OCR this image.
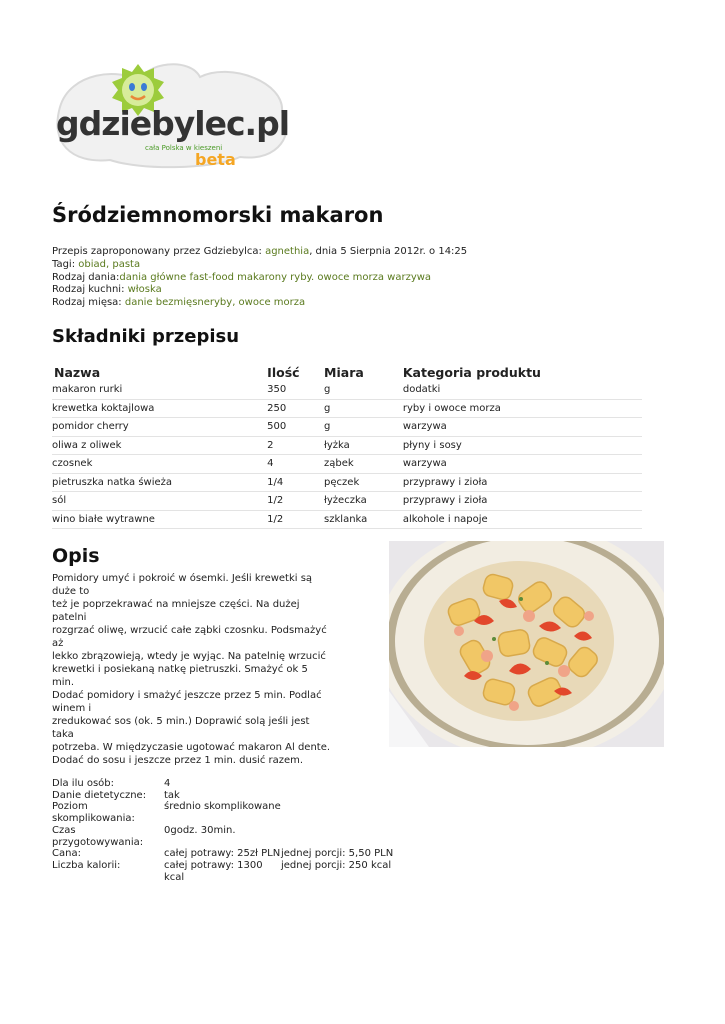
gdziebylec.pl
cała Polska w kieszeni
beta
Śródziemnomorski makaron
Przepis zaproponowany przez Gdziebylca: agnethia, dnia 5 Sierpnia 2012r. o 14:25
Tagi: obiad, pasta
Rodzaj dania:dania główne fast-food makarony ryby. owoce morza warzywa
Rodzaj kuchni: włoska
Rodzaj mięsa: danie bezmięsneryby, owoce morza
Składniki przepisu
Nazwa	Ilość	Miara	Kategoria produktu
makaron rurki	350	g	dodatki
krewetka koktajlowa	250	g	ryby i owoce morza
pomidor cherry	500	g	warzywa
oliwa z oliwek	2	łyżka	płyny i sosy
czosnek	4	ząbek	warzywa
pietruszka natka świeża	1/4	pęczek	przyprawy i zioła
sól	1/2	łyżeczka	przyprawy i zioła
wino białe wytrawne	1/2	szklanka	alkohole i napoje
Opis
Pomidory umyć i pokroić w ósemki. Jeśli krewetki są duże to
też je poprzekrawać na mniejsze części. Na dużej patelni
rozgrzać oliwę, wrzucić całe ząbki czosnku. Podsmażyć aż
lekko zbrązowieją, wtedy je wyjąc. Na patelnię wrzucić
krewetki i posiekaną natkę pietruszki. Smażyć ok 5 min.
Dodać pomidory i smażyć jeszcze przez 5 min. Podlać winem i
zredukować sos (ok. 5 min.) Doprawić solą jeśli jest taka
potrzeba. W międzyczasie ugotować makaron Al dente.
Dodać do sosu i jeszcze przez 1 min. dusić razem.
Dla ilu osób:	4
Danie dietetyczne:	tak
Poziom skomplikowania:
średnio skomplikowane
Czas przygotowywania:
0godz. 30min.
Cana:	całej potrawy: 25zł PLN jednej porcji: 5,50 PLN
Liczba kalorii:	całej potrawy: 1300 kcal
jednej porcji: 250 kcal
